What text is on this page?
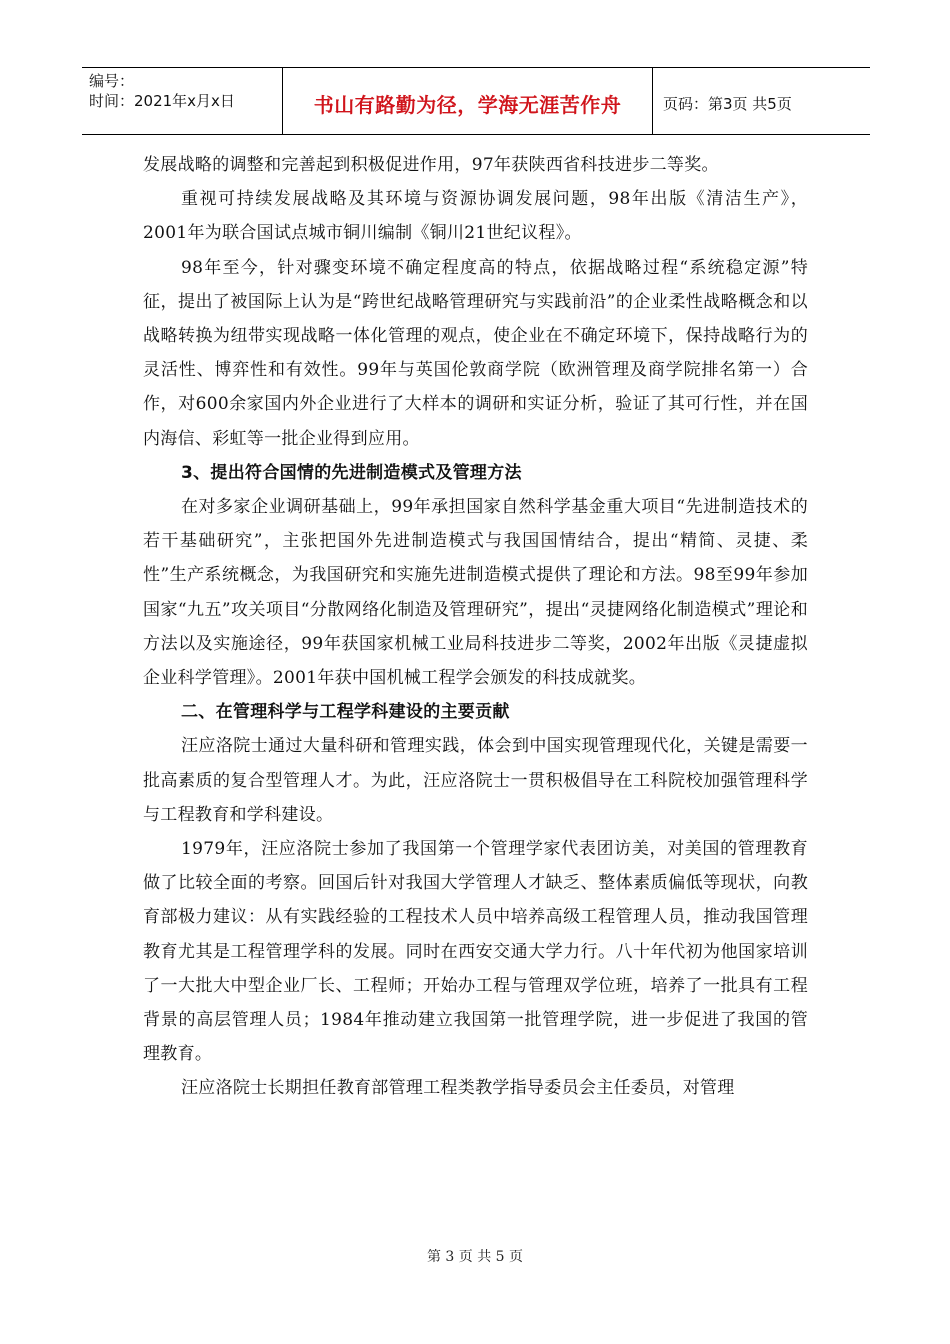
编号：
时间：2021年x月x日	书山有路勤为径，学海无涯苦作舟	页码：第3页 共5页

发展战略的调整和完善起到积极促进作用，97年获陕西省科技进步二等奖。

重视可持续发展战略及其环境与资源协调发展问题，98年出版《清洁生产》，2001年为联合国试点城市铜川编制《铜川21世纪议程》。

98年至今，针对骤变环境不确定程度高的特点，依据战略过程“系统稳定源”特征，提出了被国际上认为是“跨世纪战略管理研究与实践前沿”的企业柔性战略概念和以战略转换为纽带实现战略一体化管理的观点，使企业在不确定环境下，保持战略行为的灵活性、博弈性和有效性。99年与英国伦敦商学院（欧洲管理及商学院排名第一）合作，对600余家国内外企业进行了大样本的调研和实证分析，验证了其可行性，并在国内海信、彩虹等一批企业得到应用。

3、提出符合国情的先进制造模式及管理方法

在对多家企业调研基础上，99年承担国家自然科学基金重大项目“先进制造技术的若干基础研究”，主张把国外先进制造模式与我国国情结合，提出“精简、灵捷、柔性”生产系统概念，为我国研究和实施先进制造模式提供了理论和方法。98至99年参加国家“九五”攻关项目“分散网络化制造及管理研究”，提出“灵捷网络化制造模式”理论和方法以及实施途径，99年获国家机械工业局科技进步二等奖，2002年出版《灵捷虚拟企业科学管理》。2001年获中国机械工程学会颁发的科技成就奖。

二、在管理科学与工程学科建设的主要贡献

汪应洛院士通过大量科研和管理实践，体会到中国实现管理现代化，关键是需要一批高素质的复合型管理人才。为此，汪应洛院士一贯积极倡导在工科院校加强管理科学与工程教育和学科建设。

1979年，汪应洛院士参加了我国第一个管理学家代表团访美，对美国的管理教育做了比较全面的考察。回国后针对我国大学管理人才缺乏、整体素质偏低等现状，向教育部极力建议：从有实践经验的工程技术人员中培养高级工程管理人员，推动我国管理教育尤其是工程管理学科的发展。同时在西安交通大学力行。八十年代初为他国家培训了一大批大中型企业厂长、工程师；开始办工程与管理双学位班，培养了一批具有工程背景的高层管理人员；1984年推动建立我国第一批管理学院，进一步促进了我国的管理教育。

汪应洛院士长期担任教育部管理工程类教学指导委员会主任委员，对管理

第 3 页 共 5 页
